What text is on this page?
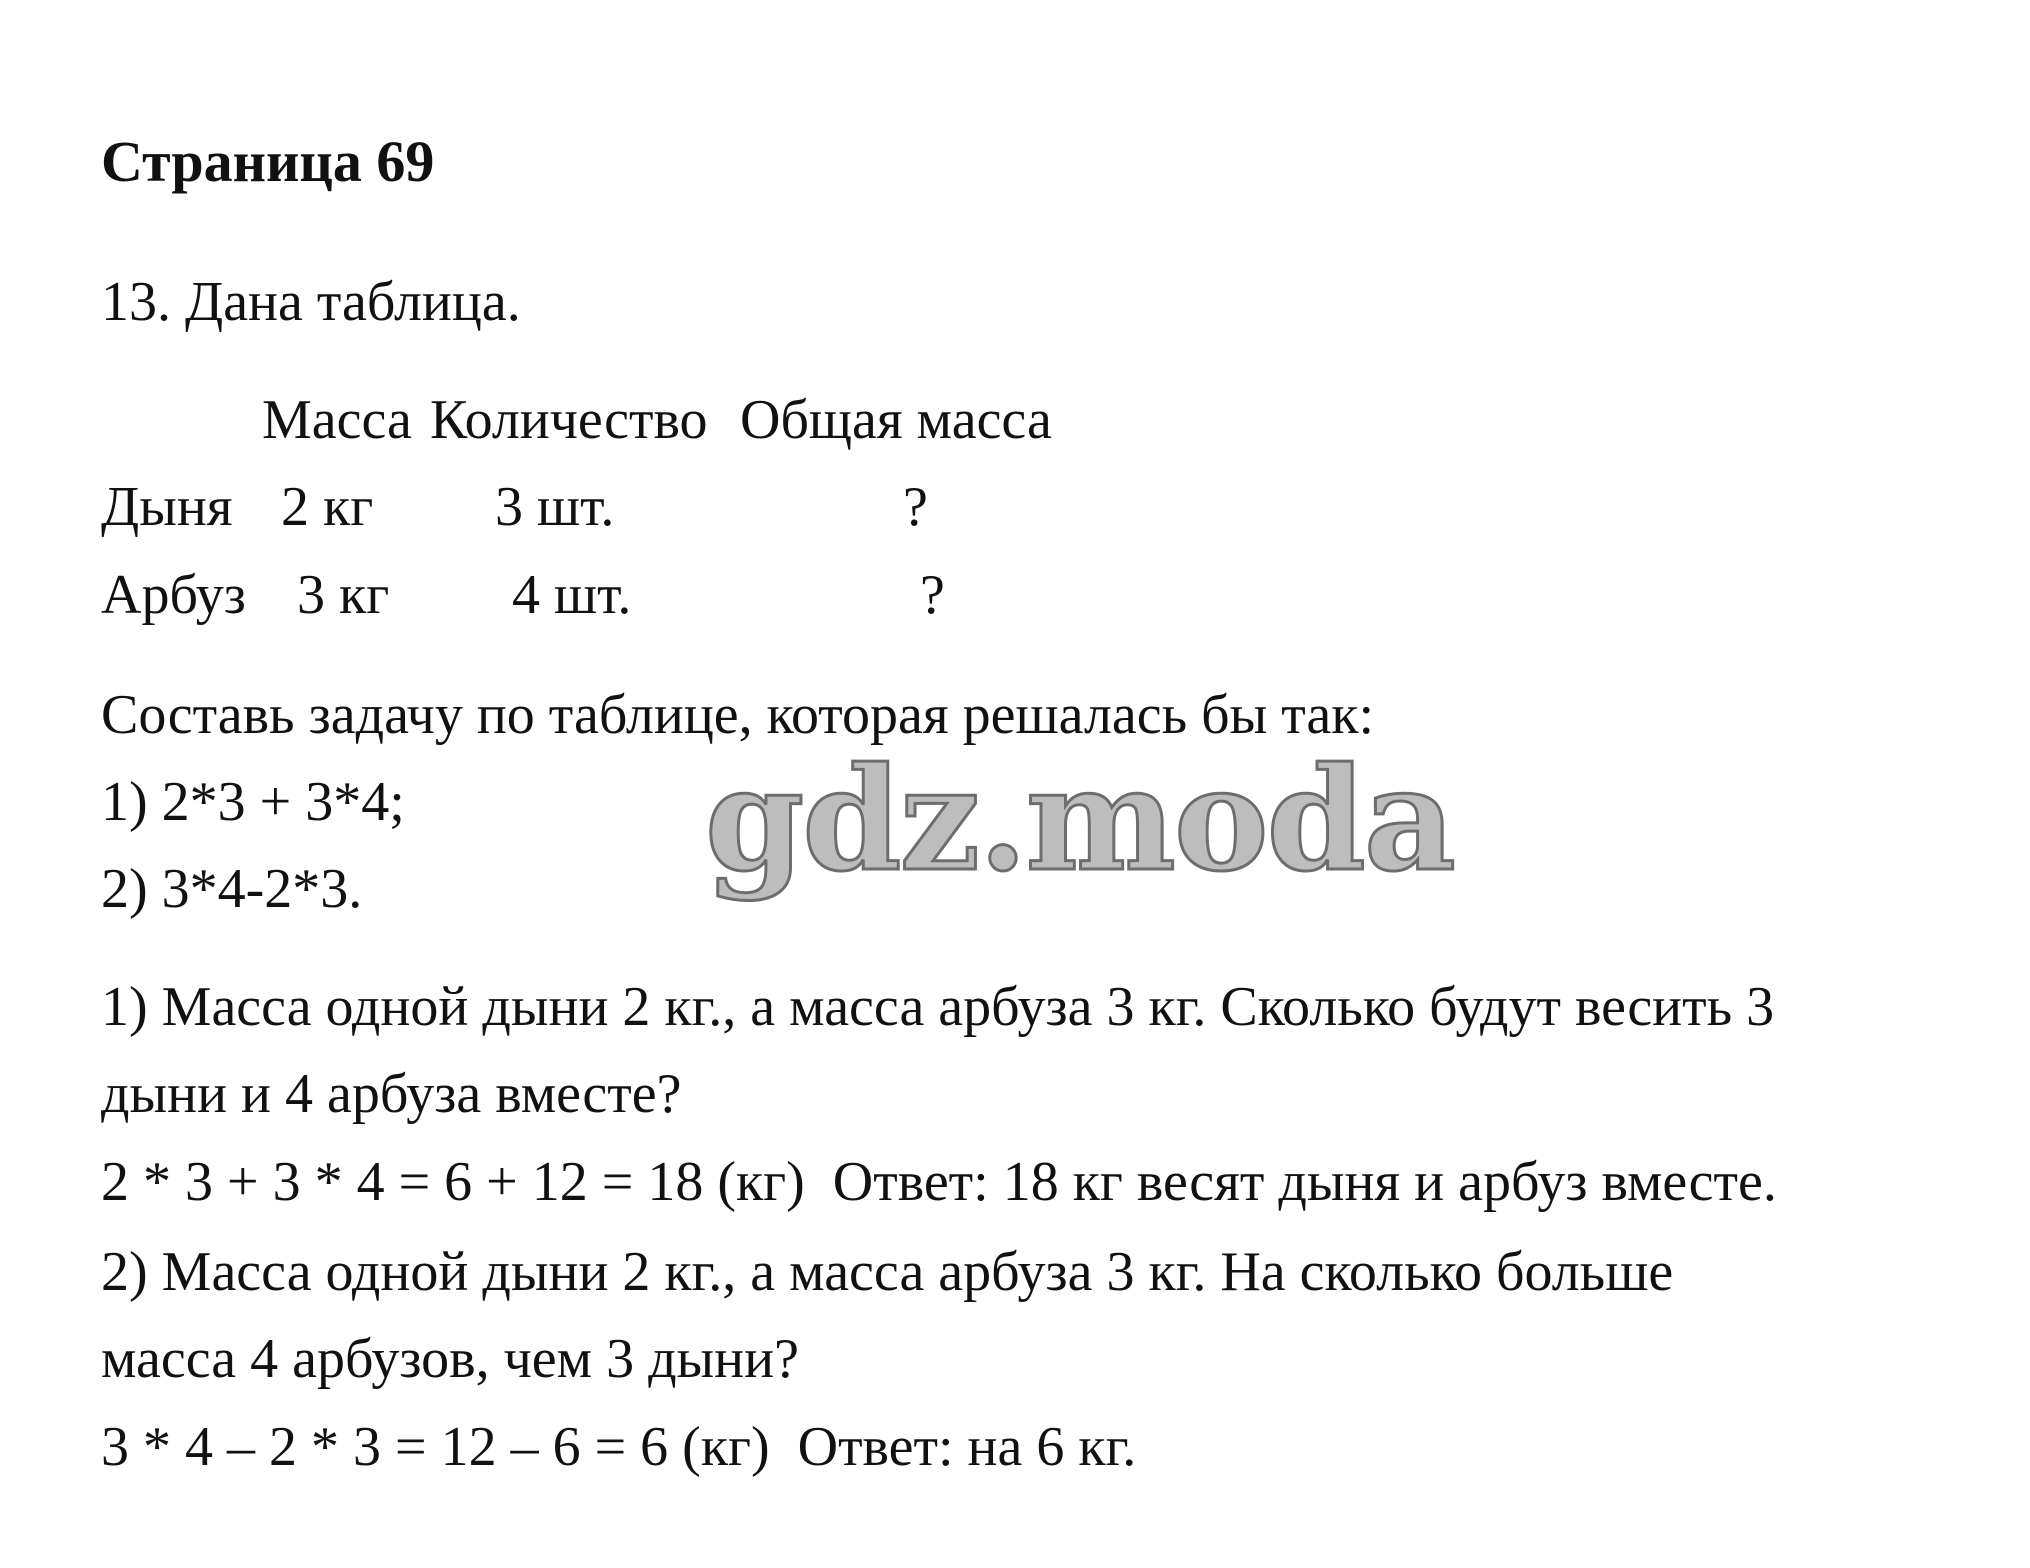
Страница 69
13. Дана таблица.
Масса Количество Общая масса
Дыня 2 кг 3 шт.	?
Арбуз 3 кг 4 шт.	?
Составь задачу по таблице, которая решалась бы так:
1) 2*3 + 3*4;
2) 3*4-2*3.
1) Масса одной дыни 2 кг., а масса арбуза 3 кг. Сколько будут весить 3
дыни и 4 арбуза вместе?
2 * 3 + 3 * 4 = 6 + 12 = 18 (кг)  Ответ: 18 кг весят дыня и арбуз вместе.
2) Масса одной дыни 2 кг., а масса арбуза 3 кг. На сколько больше
масса 4 арбузов, чем 3 дыни?
3 * 4 – 2 * 3 = 12 – 6 = 6 (кг)  Ответ: на 6 кг.
gdz.moda
